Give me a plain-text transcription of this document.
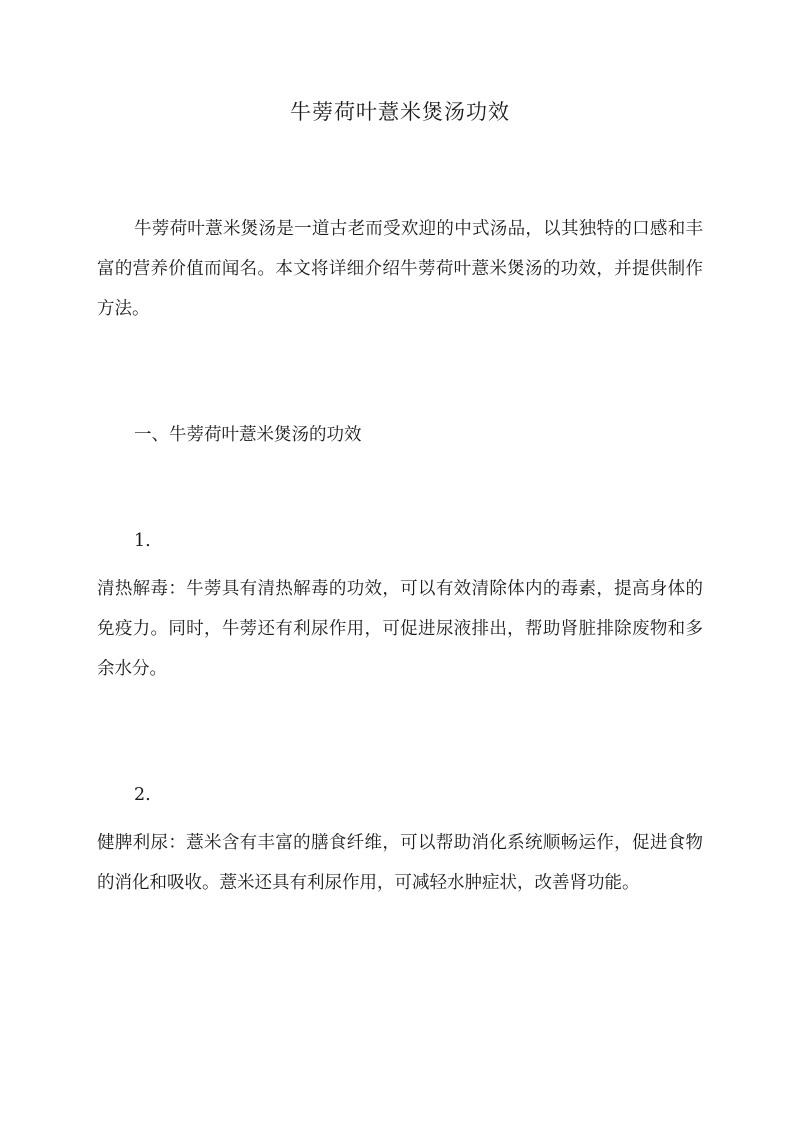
牛蒡荷叶薏米煲汤功效

牛蒡荷叶薏米煲汤是一道古老而受欢迎的中式汤品，以其独特的口感和丰富的营养价值而闻名。本文将详细介绍牛蒡荷叶薏米煲汤的功效，并提供制作方法。

一、牛蒡荷叶薏米煲汤的功效

1.

清热解毒：牛蒡具有清热解毒的功效，可以有效清除体内的毒素，提高身体的免疫力。同时，牛蒡还有利尿作用，可促进尿液排出，帮助肾脏排除废物和多余水分。

2.

健脾利尿：薏米含有丰富的膳食纤维，可以帮助消化系统顺畅运作，促进食物的消化和吸收。薏米还具有利尿作用，可减轻水肿症状，改善肾功能。
